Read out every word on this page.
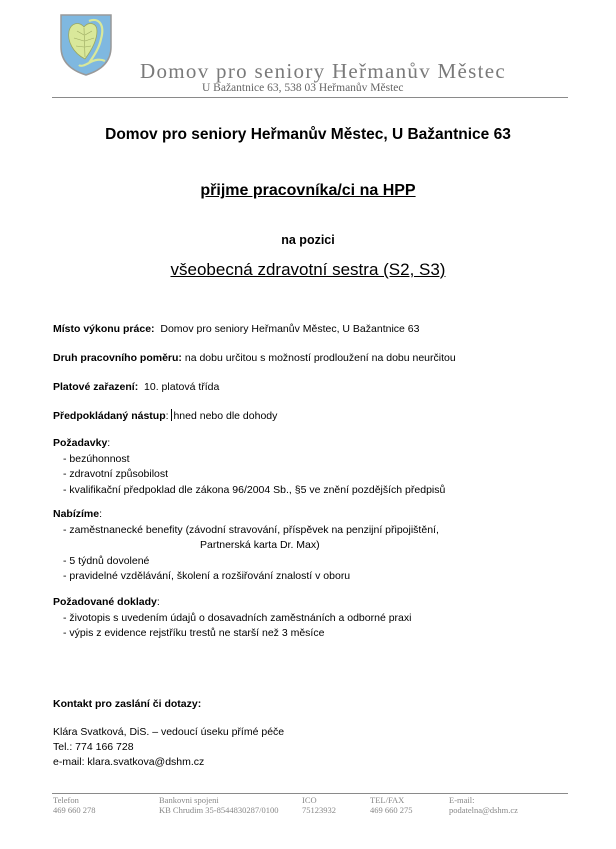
Domov pro seniory Heřmanův Městec
U Bažantnice 63, 538 03 Heřmanův Městec
Domov pro seniory Heřmanův Městec, U Bažantnice 63
přijme pracovníka/ci na HPP
na pozici
všeobecná zdravotní sestra (S2, S3)
Místo výkonu práce:  Domov pro seniory Heřmanův Městec, U Bažantnice 63
Druh pracovního poměru: na dobu určitou s možností prodloužení na dobu neurčitou
Platové zařazení:  10. platová třída
Předpokládaný nástup: hned nebo dle dohody
Požadavky:
- bezúhonnost
- zdravotní způsobilost
- kvalifikační předpoklad dle zákona 96/2004 Sb., §5 ve znění pozdějších předpisů
Nabízíme:
- zaměstnanecké benefity (závodní stravování, příspěvek na penzijní připojištění,
Partnerská karta Dr. Max)
- 5 týdnů dovolené
- pravidelné vzdělávání, školení a rozšiřování znalostí v oboru
Požadované doklady:
- životopis s uvedením údajů o dosavadních zaměstnáních a odborné praxi
- výpis z evidence rejstříku trestů ne starší než 3 měsíce
Kontakt pro zaslání či dotazy:
Klára Svatková, DiS. – vedoucí úseku přímé péče
Tel.: 774 166 728
e-mail: klara.svatkova@dshm.cz
Telefon
469 660 278
Bankovni spojeni
KB Chrudim 35-8544830287/0100
ICO
75123932
TEL/FAX
469 660 275
E-mail:
podatelna@dshm.cz
